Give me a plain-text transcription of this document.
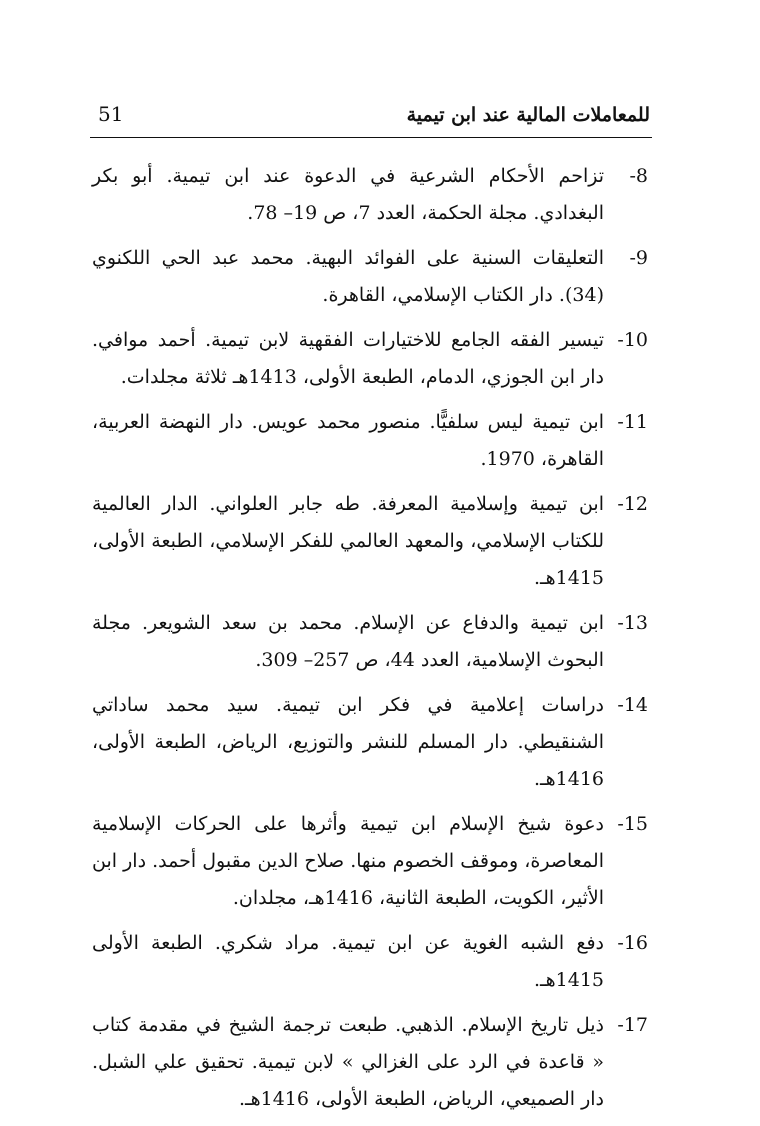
51	للمعاملات المالية عند ابن تيمية
8-
تزاحم الأحكام الشرعية في الدعوة عند ابن تيمية. أبو بكر البغدادي. مجلة الحكمة، العدد 7، ص 19– 78.
9-
التعليقات السنية على الفوائد البهية. محمد عبد الحي اللكنوي (34). دار الكتاب الإسلامي، القاهرة.
10-
تيسير الفقه الجامع للاختيارات الفقهية لابن تيمية. أحمد موافي. دار ابن الجوزي، الدمام، الطبعة الأولى، 1413هـ ثلاثة مجلدات.
11-
ابن تيمية ليس سلفيًّا. منصور محمد عويس. دار النهضة العربية، القاهرة، 1970.
12-
ابن تيمية وإسلامية المعرفة. طه جابر العلواني. الدار العالمية للكتاب الإسلامي، والمعهد العالمي للفكر الإسلامي، الطبعة الأولى، 1415هـ.
13-
ابن تيمية والدفاع عن الإسلام. محمد بن سعد الشويعر. مجلة البحوث الإسلامية، العدد 44، ص 257– 309.
14-
دراسات إعلامية في فكر ابن تيمية. سيد محمد ساداتي الشنقيطي. دار المسلم للنشر والتوزيع، الرياض، الطبعة الأولى، 1416هـ.
15-
دعوة شيخ الإسلام ابن تيمية وأثرها على الحركات الإسلامية المعاصرة، وموقف الخصوم منها. صلاح الدين مقبول أحمد. دار ابن الأثير، الكويت، الطبعة الثانية، 1416هـ، مجلدان.
16-
دفع الشبه الغوية عن ابن تيمية. مراد شكري. الطبعة الأولى 1415هـ.
17-
ذيل تاريخ الإسلام. الذهبي. طبعت ترجمة الشيخ في مقدمة كتاب « قاعدة في الرد على الغزالي » لابن تيمية. تحقيق علي الشبل. دار الصميعي، الرياض، الطبعة الأولى، 1416هـ.
